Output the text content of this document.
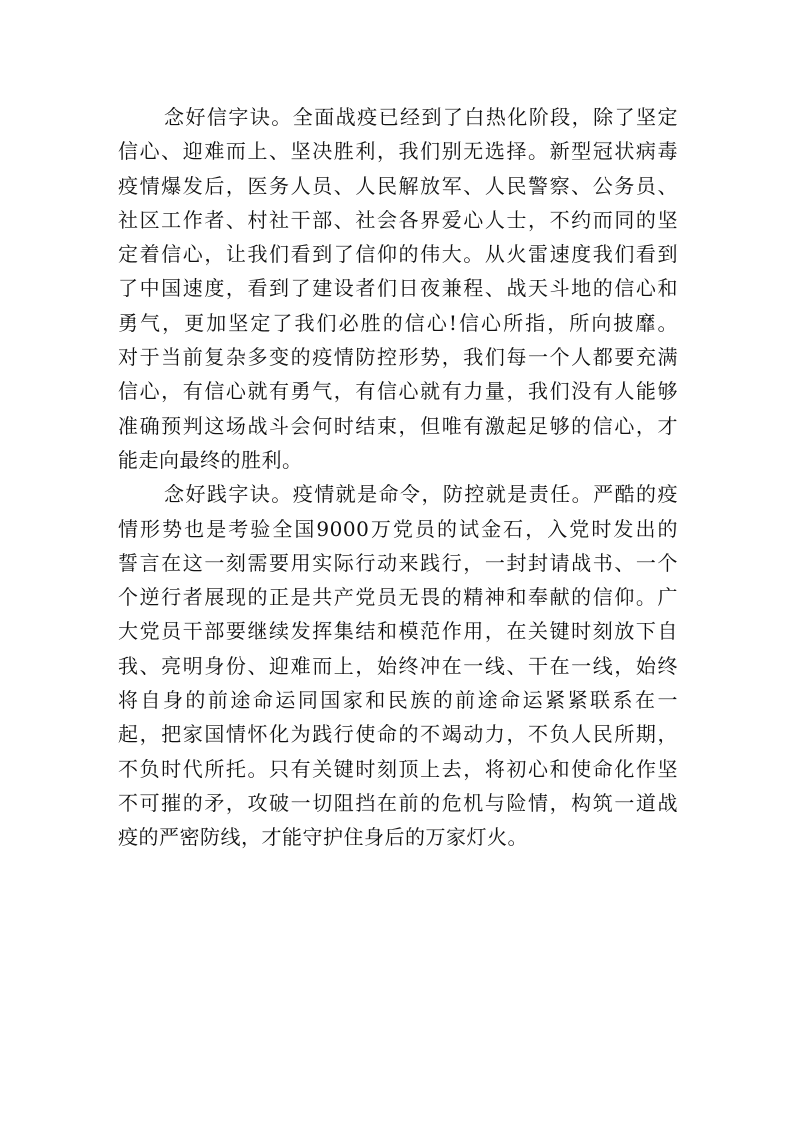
念好信字诀。全面战疫已经到了白热化阶段，除了坚定
信心、迎难而上、坚决胜利，我们别无选择。新型冠状病毒
疫情爆发后，医务人员、人民解放军、人民警察、公务员、
社区工作者、村社干部、社会各界爱心人士，不约而同的坚
定着信心，让我们看到了信仰的伟大。从火雷速度我们看到
了中国速度，看到了建设者们日夜兼程、战天斗地的信心和
勇气，更加坚定了我们必胜的信心!信心所指，所向披靡。
对于当前复杂多变的疫情防控形势，我们每一个人都要充满
信心，有信心就有勇气，有信心就有力量，我们没有人能够
准确预判这场战斗会何时结束，但唯有激起足够的信心，才
能走向最终的胜利。
念好践字诀。疫情就是命令，防控就是责任。严酷的疫
情形势也是考验全国9000万党员的试金石，入党时发出的
誓言在这一刻需要用实际行动来践行，一封封请战书、一个
个逆行者展现的正是共产党员无畏的精神和奉献的信仰。广
大党员干部要继续发挥集结和模范作用，在关键时刻放下自
我、亮明身份、迎难而上，始终冲在一线、干在一线，始终
将自身的前途命运同国家和民族的前途命运紧紧联系在一
起，把家国情怀化为践行使命的不竭动力，不负人民所期，
不负时代所托。只有关键时刻顶上去，将初心和使命化作坚
不可摧的矛，攻破一切阻挡在前的危机与险情，构筑一道战
疫的严密防线，才能守护住身后的万家灯火。
